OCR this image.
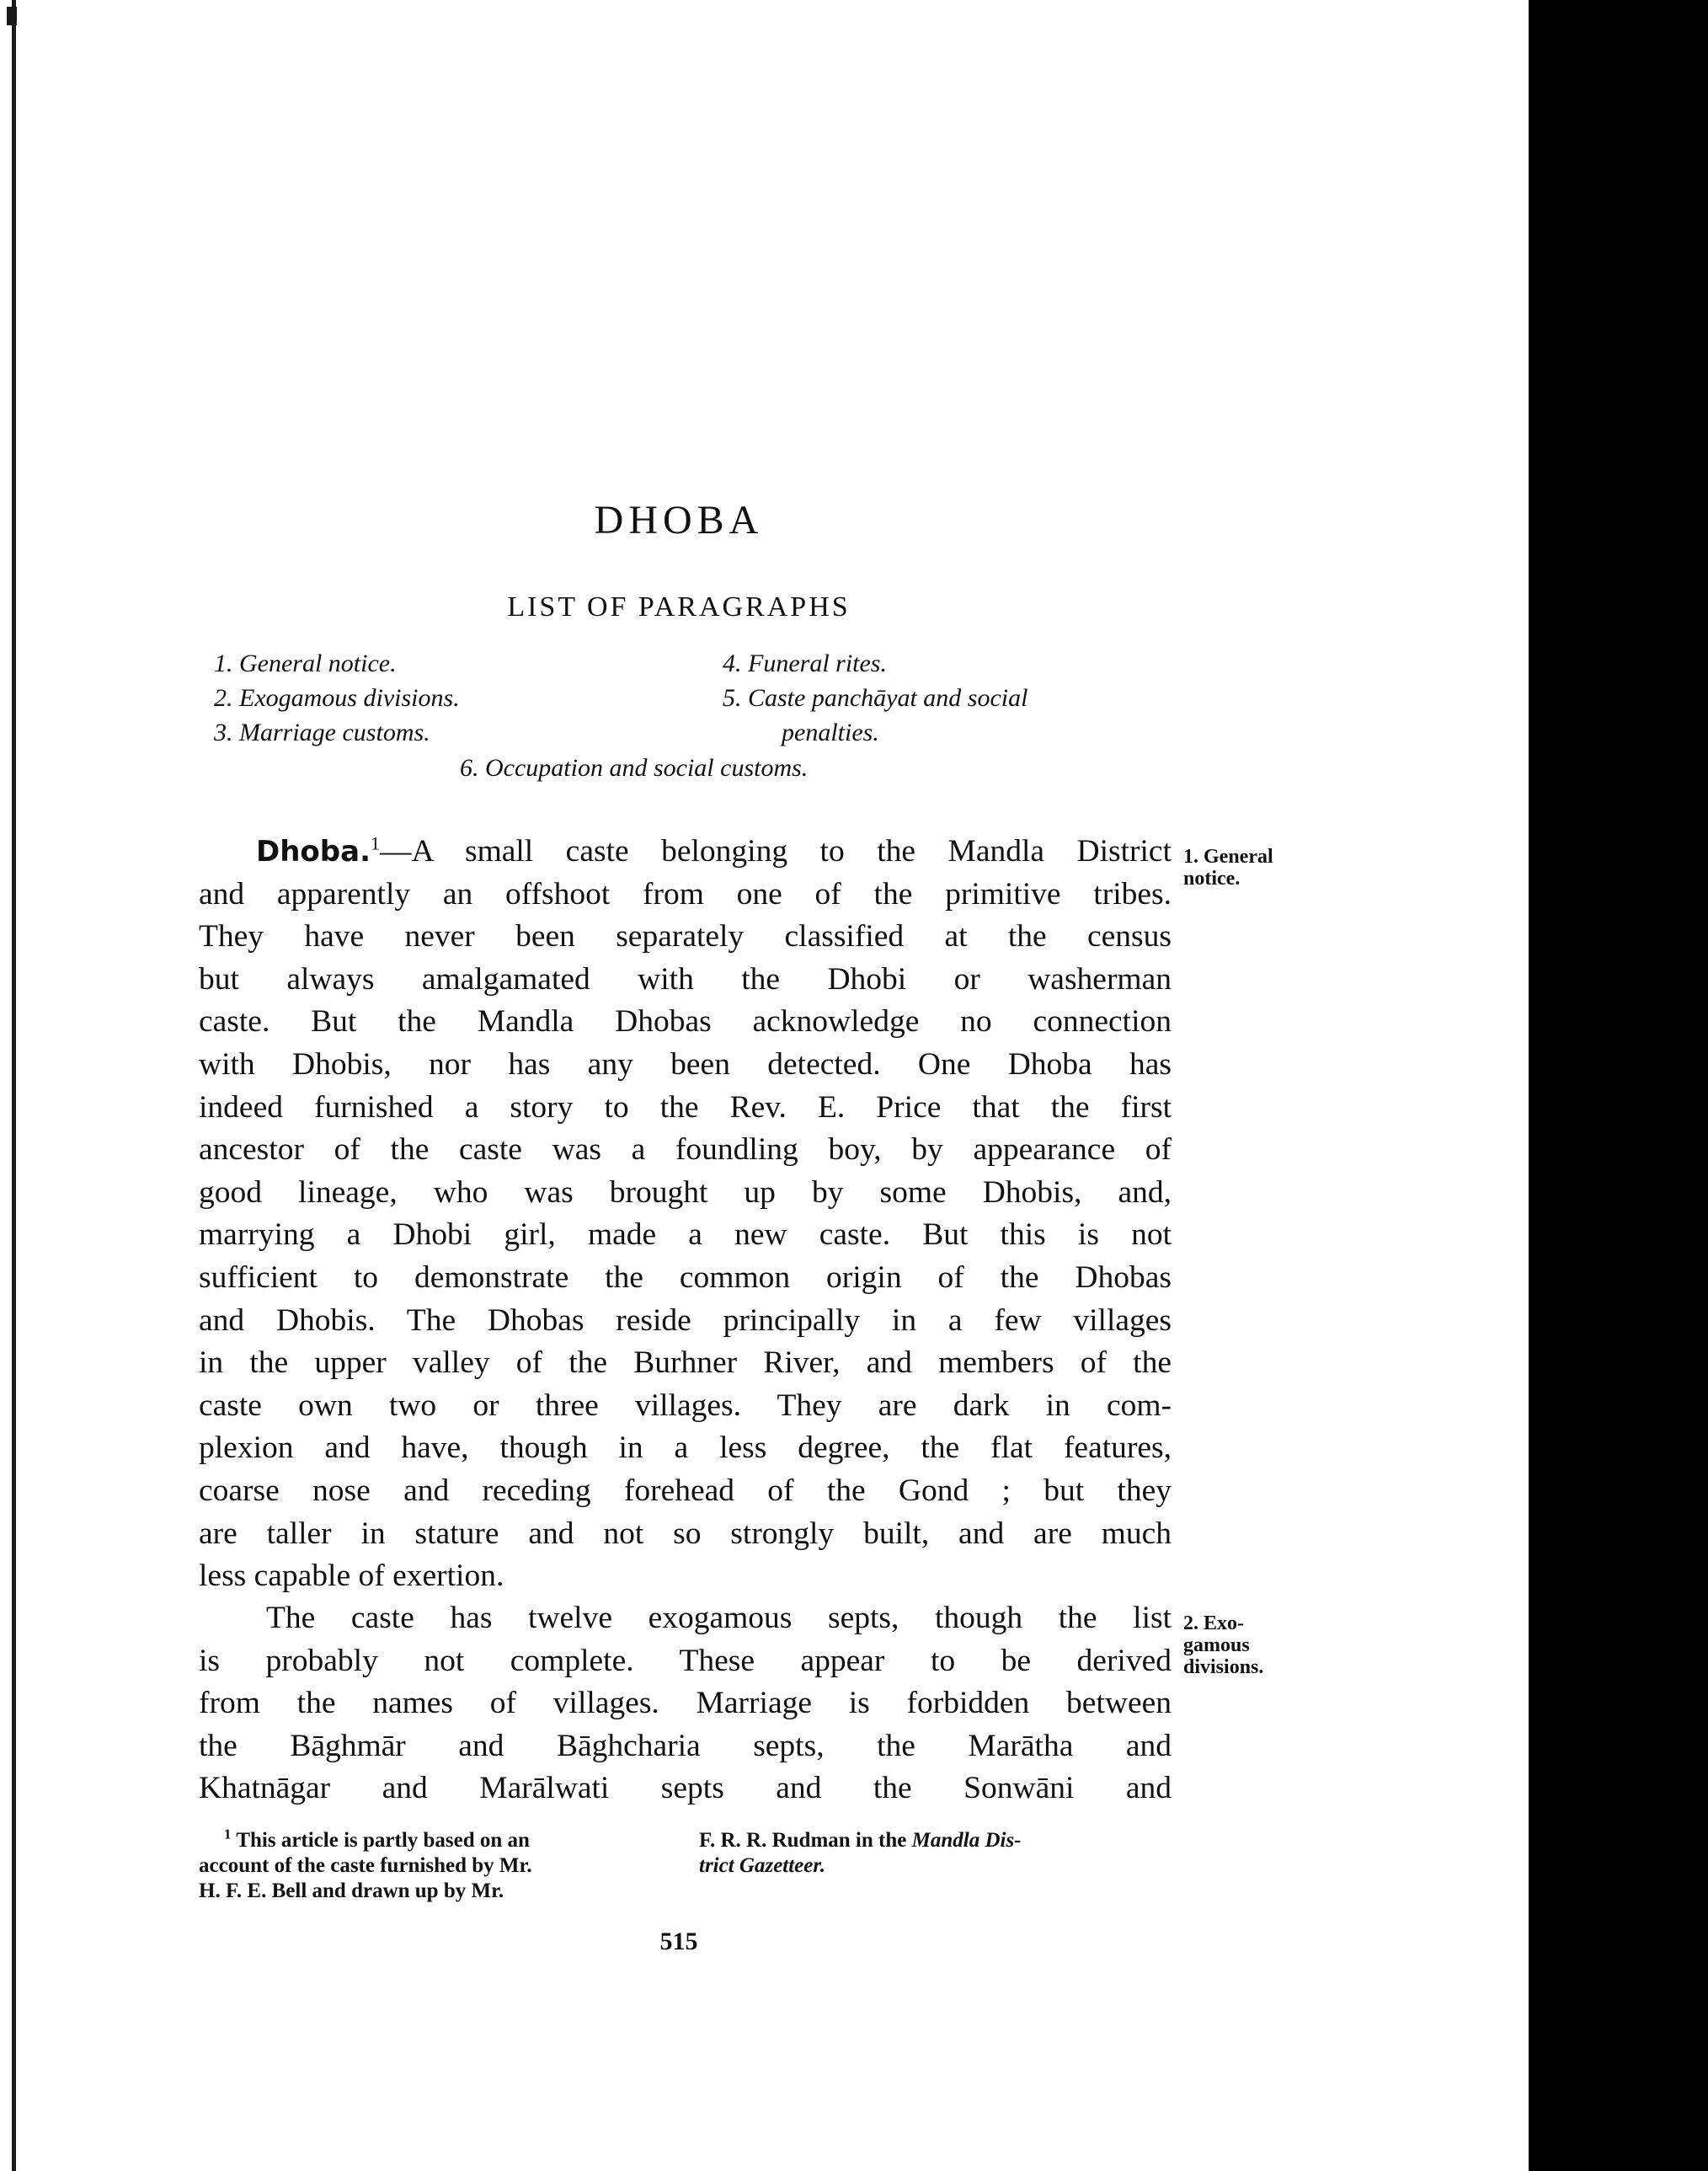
DHOBA
LIST OF PARAGRAPHS
1. General notice.
2. Exogamous divisions.
3. Marriage customs.
4. Funeral rites.
5. Caste panchāyat and social
penalties.
6. Occupation and social customs.
Dhoba.$^1$—A small caste belonging to the Mandla District
and apparently an offshoot from one of the primitive tribes.
They have never been separately classified at the census
but always amalgamated with the Dhobi or washerman
caste. But the Mandla Dhobas acknowledge no connection
with Dhobis, nor has any been detected. One Dhoba has
indeed furnished a story to the Rev. E. Price that the first
ancestor of the caste was a foundling boy, by appearance of
good lineage, who was brought up by some Dhobis, and,
marrying a Dhobi girl, made a new caste. But this is not
sufficient to demonstrate the common origin of the Dhobas
and Dhobis. The Dhobas reside principally in a few villages
in the upper valley of the Burhner River, and members of the
caste own two or three villages. They are dark in com-
plexion and have, though in a less degree, the flat features,
coarse nose and receding forehead of the Gond ; but they
are taller in stature and not so strongly built, and are much
less capable of exertion.
The caste has twelve exogamous septs, though the list
is probably not complete. These appear to be derived
from the names of villages. Marriage is forbidden between
the Bāghmār and Bāghcharia septs, the Marātha and
Khatnāgar and Marālwati septs and the Sonwāni and
1. General
notice.
2. Exo-
gamous
divisions.
$^1$ This article is partly based on an
account of the caste furnished by Mr.
H. F. E. Bell and drawn up by Mr.
F. R. R. Rudman in the Mandla Dis-
trict Gazetteer.
515
